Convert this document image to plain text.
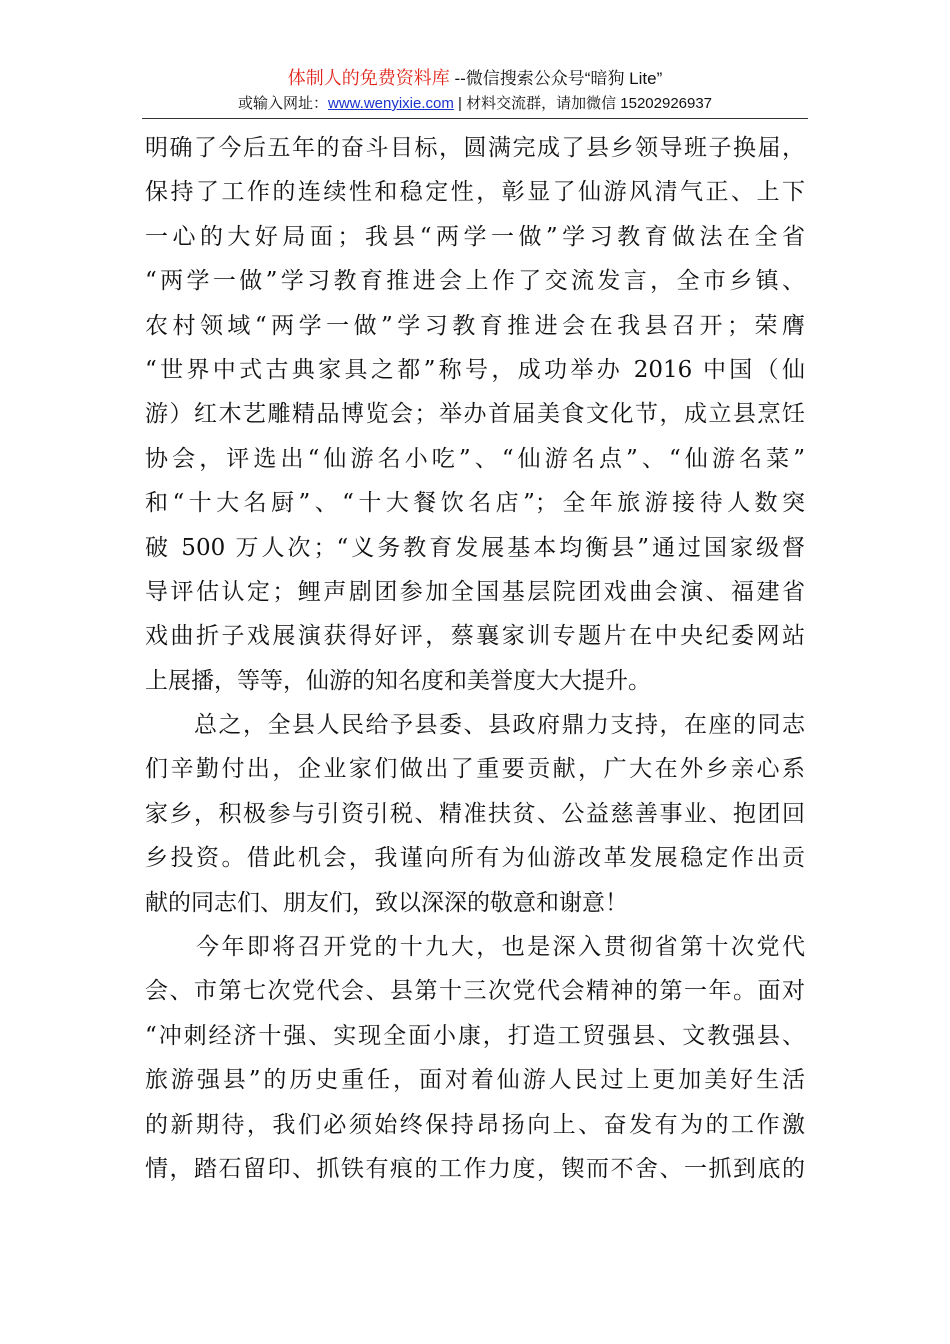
体制人的免费资料库 --微信搜索公众号“暗狗 Lite”
或输入网址：www.wenyixie.com | 材料交流群，请加微信 15202926937
明确了今后五年的奋斗目标，圆满完成了县乡领导班子换届，
保持了工作的连续性和稳定性，彰显了仙游风清气正、上下
一心的大好局面；我县“两学一做”学习教育做法在全省
“两学一做”学习教育推进会上作了交流发言，全市乡镇、
农村领域“两学一做”学习教育推进会在我县召开；荣膺
“世界中式古典家具之都”称号，成功举办 2016 中国（仙
游）红木艺雕精品博览会；举办首届美食文化节，成立县烹饪
协会，评选出“仙游名小吃”、“仙游名点”、“仙游名菜”
和“十大名厨”、“十大餐饮名店”；全年旅游接待人数突
破 500 万人次；“义务教育发展基本均衡县”通过国家级督
导评估认定；鲤声剧团参加全国基层院团戏曲会演、福建省
戏曲折子戏展演获得好评，蔡襄家训专题片在中央纪委网站
上展播，等等，仙游的知名度和美誉度大大提升。
　　总之，全县人民给予县委、县政府鼎力支持，在座的同志
们辛勤付出，企业家们做出了重要贡献，广大在外乡亲心系
家乡，积极参与引资引税、精准扶贫、公益慈善事业、抱团回
乡投资。借此机会，我谨向所有为仙游改革发展稳定作出贡
献的同志们、朋友们，致以深深的敬意和谢意！
　　今年即将召开党的十九大，也是深入贯彻省第十次党代
会、市第七次党代会、县第十三次党代会精神的第一年。面对
“冲刺经济十强、实现全面小康，打造工贸强县、文教强县、
旅游强县”的历史重任，面对着仙游人民过上更加美好生活
的新期待，我们必须始终保持昂扬向上、奋发有为的工作激
情，踏石留印、抓铁有痕的工作力度，锲而不舍、一抓到底的
